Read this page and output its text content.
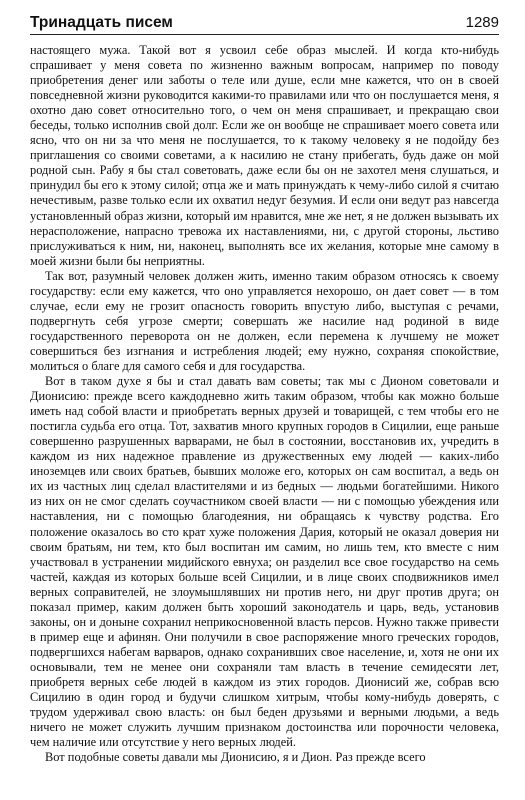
Тринадцать писем	1289

настоящего мужа. Такой вот я усвоил себе образ мыслей. И когда кто-нибудь спрашивает у меня совета по жизненно важным вопросам, например по поводу приобретения денег или заботы о теле или душе, если мне кажется, что он в своей повседневной жизни руководится какими-то правилами или что он послушается меня, я охотно даю совет относительно того, о чем он меня спрашивает, и прекращаю свои беседы, только исполнив свой долг. Если же он вообще не спрашивает моего совета или ясно, что он ни за что меня не послушается, то к такому человеку я не подойду без приглашения со своими советами, а к насилию не стану прибегать, будь даже он мой родной сын. Рабу я бы стал советовать, даже если бы он не захотел меня слушаться, и принудил бы его к этому силой; отца же и мать принуждать к чему-либо силой я считаю нечестивым, разве только если их охватил недуг безумия. И если они ведут раз навсегда установленный образ жизни, который им нравится, мне же нет, я не должен вызывать их нерасположение, напрасно тревожа их наставлениями, ни, с другой стороны, льстиво прислуживаться к ним, ни, наконец, выполнять все их желания, которые мне самому в моей жизни были бы неприятны.

Так вот, разумный человек должен жить, именно таким образом относясь к своему государству: если ему кажется, что оно управляется нехорошо, он дает совет — в том случае, если ему не грозит опасность говорить впустую либо, выступая с речами, подвергнуть себя угрозе смерти; совершать же насилие над родиной в виде государственного переворота он не должен, если перемена к лучшему не может совершиться без изгнания и истребления людей; ему нужно, сохраняя спокойствие, молиться о благе для самого себя и для государства.

Вот в таком духе я бы и стал давать вам советы; так мы с Дионом советовали и Дионисию: прежде всего каждодневно жить таким образом, чтобы как можно больше иметь над собой власти и приобретать верных друзей и товарищей, с тем чтобы его не постигла судьба его отца. Тот, захватив много крупных городов в Сицилии, еще раньше совершенно разрушенных варварами, не был в состоянии, восстановив их, учредить в каждом из них надежное правление из дружественных ему людей — каких-либо иноземцев или своих братьев, бывших моложе его, которых он сам воспитал, а ведь он их из частных лиц сделал властителями и из бедных — людьми богатейшими. Никого из них он не смог сделать соучастником своей власти — ни с помощью убеждения или наставления, ни с помощью благодеяния, ни обращаясь к чувству родства. Его положение оказалось во сто крат хуже положения Дария, который не оказал доверия ни своим братьям, ни тем, кто был воспитан им самим, но лишь тем, кто вместе с ним участвовал в устранении мидийского евнуха; он разделил все свое государство на семь частей, каждая из которых больше всей Сицилии, и в лице своих сподвижников имел верных соправителей, не злоумышлявших ни против него, ни друг против друга; он показал пример, каким должен быть хороший законодатель и царь, ведь, установив законы, он и доныне сохранил неприкосновенной власть персов. Нужно также привести в пример еще и афинян. Они получили в свое распоряжение много греческих городов, подвергшихся набегам варваров, однако сохранивших свое население, и, хотя не они их основывали, тем не менее они сохраняли там власть в течение семидесяти лет, приобретя верных себе людей в каждом из этих городов. Дионисий же, собрав всю Сицилию в один город и будучи слишком хитрым, чтобы кому-нибудь доверять, с трудом удерживал свою власть: он был беден друзьями и верными людьми, а ведь ничего не может служить лучшим признаком достоинства или порочности человека, чем наличие или отсутствие у него верных людей.

Вот подобные советы давали мы Дионисию, я и Дион. Раз прежде всего
